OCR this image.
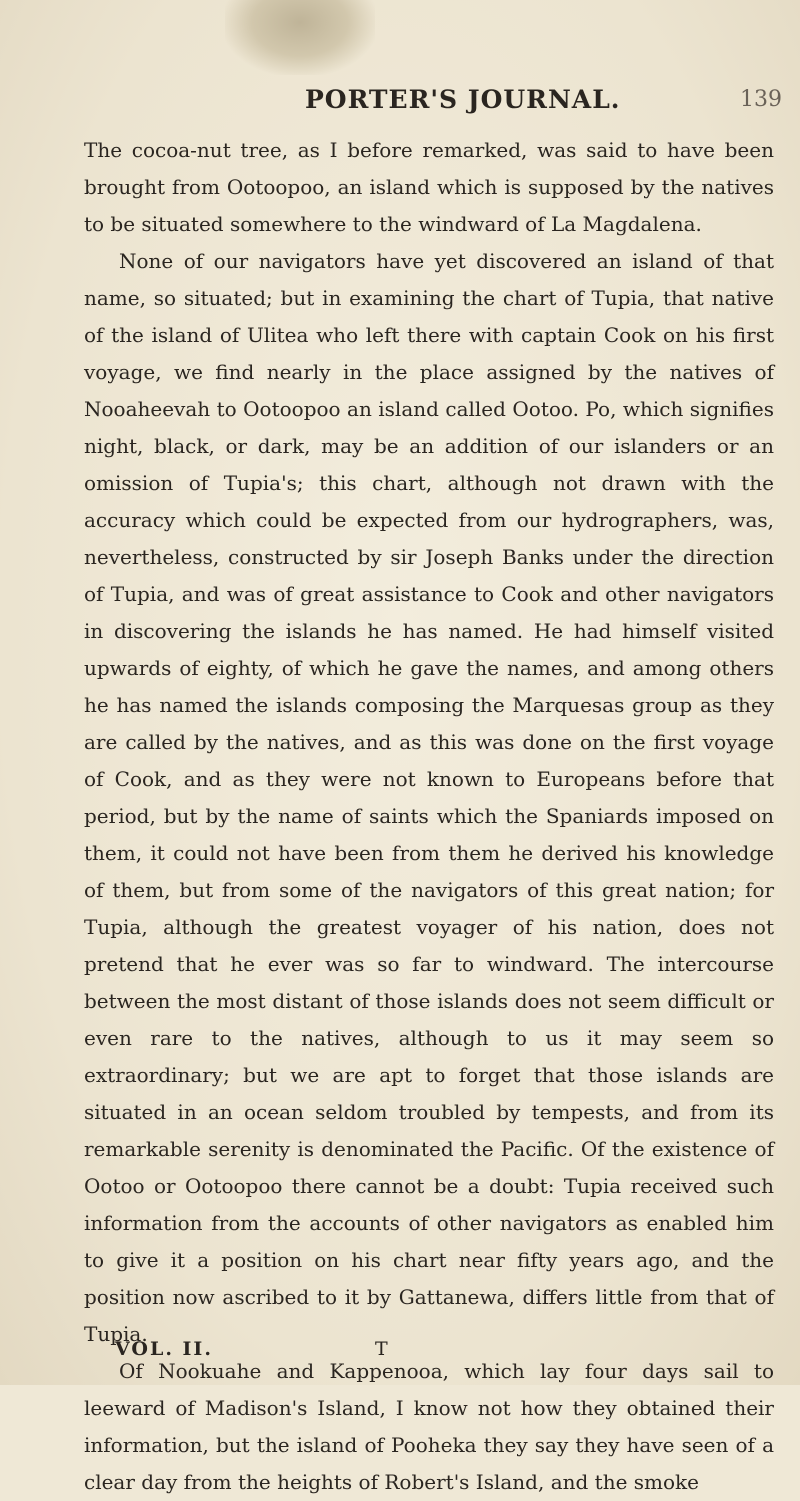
PORTER'S JOURNAL.	139

The cocoa-nut tree, as I before remarked, was said to have been brought from Ootoopoo, an island which is supposed by the natives to be situated somewhere to the windward of La Magdalena.

None of our navigators have yet discovered an island of that name, so situated; but in examining the chart of Tupia, that native of the island of Ulitea who left there with captain Cook on his first voyage, we find nearly in the place assigned by the natives of Nooaheevah to Ootoopoo an island called Ootoo. Po, which signifies night, black, or dark, may be an addition of our islanders or an omission of Tupia's; this chart, although not drawn with the accuracy which could be expected from our hydrographers, was, nevertheless, constructed by sir Joseph Banks under the direction of Tupia, and was of great assistance to Cook and other navigators in discovering the islands he has named. He had himself visited upwards of eighty, of which he gave the names, and among others he has named the islands composing the Marquesas group as they are called by the natives, and as this was done on the first voyage of Cook, and as they were not known to Europeans before that period, but by the name of saints which the Spaniards imposed on them, it could not have been from them he derived his knowledge of them, but from some of the navigators of this great nation; for Tupia, although the greatest voyager of his nation, does not pretend that he ever was so far to windward. The intercourse between the most distant of those islands does not seem difficult or even rare to the natives, although to us it may seem so extraordinary; but we are apt to forget that those islands are situated in an ocean seldom troubled by tempests, and from its remarkable serenity is denominated the Pacific. Of the existence of Ootoo or Ootoopoo there cannot be a doubt: Tupia received such information from the accounts of other navigators as enabled him to give it a position on his chart near fifty years ago, and the position now ascribed to it by Gattanewa, differs little from that of Tupia.

Of Nookuahe and Kappenooa, which lay four days sail to leeward of Madison's Island, I know not how they obtained their information, but the island of Pooheka they say they have seen of a clear day from the heights of Robert's Island, and the smoke

VOL. II.	T
